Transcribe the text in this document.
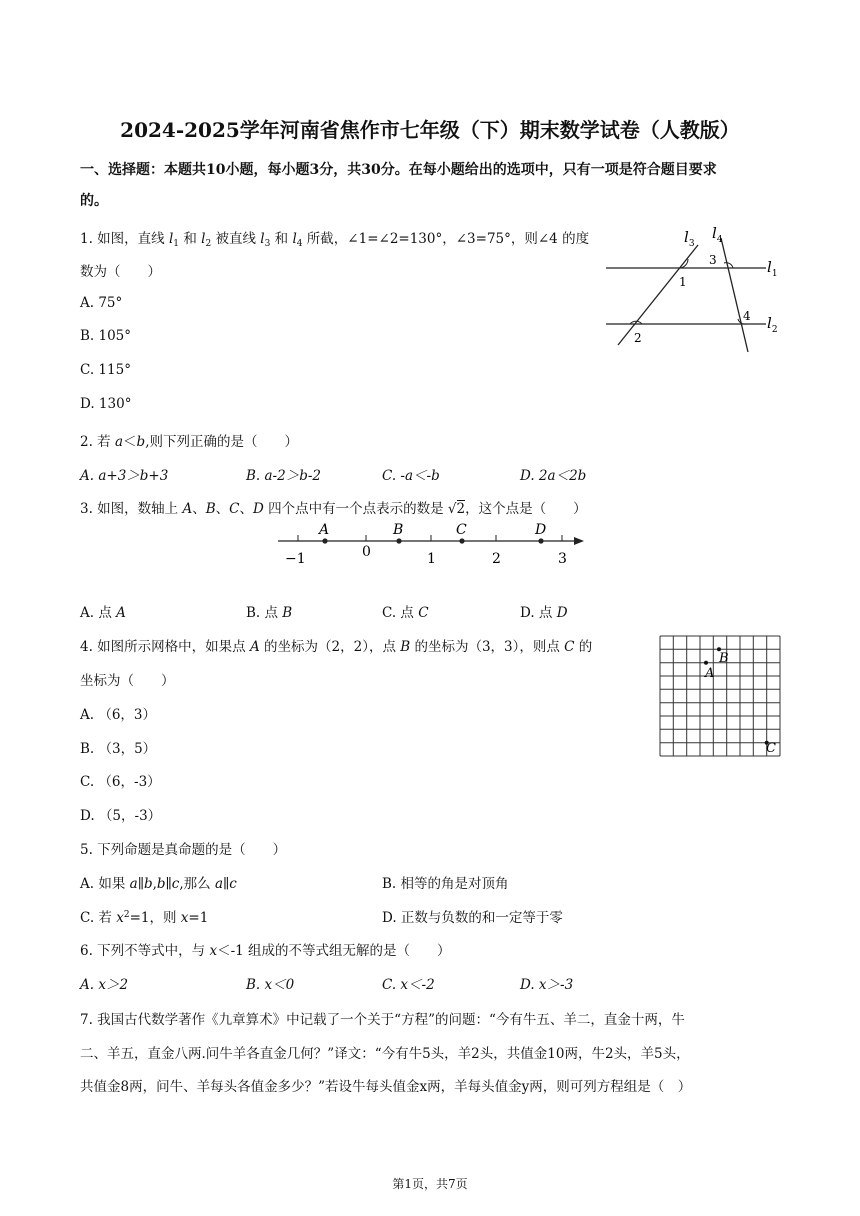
2024-2025学年河南省焦作市七年级（下）期末数学试卷（人教版）
一、选择题：本题共10小题，每小题3分，共30分。在每小题给出的选项中，只有一项是符合题目要求
的。
1. 如图，直线 $l_1$ 和 $l_2$ 被直线 $l_3$ 和 $l_4$ 所截，∠1=∠2=130°，∠3=75°，则∠4 的度
数为（　　）
A. 75°
B. 105°
C. 115°
D. 130°
$l_3$
$l_4$
$l_1$
$l_2$
1
2
3
4
2. 若 a＜b,则下列正确的是（　　）
A. a+3＞b+3	B. a-2＞b-2	C. -a＜-b	D. 2a＜2b
3. 如图，数轴上 A、B、C、D 四个点中有一个点表示的数是 √2，这个点是（　　）
−1	0	1	2	3
A	B	C	D
A. 点 A	B. 点 B	C. 点 C	D. 点 D
4. 如图所示网格中，如果点 A 的坐标为（2，2），点 B 的坐标为（3，3），则点 C 的
坐标为（　　）
A. （6，3）
B. （3，5）
C. （6，-3）
D. （5，-3）
A
B
C
5. 下列命题是真命题的是（　　）
A. 如果 a∥b,b∥c,那么 a∥c	B. 相等的角是对顶角
C. 若 $x^2=1$，则 x=1	D. 正数与负数的和一定等于零
6. 下列不等式中，与 x＜-1 组成的不等式组无解的是（　　）
A. x＞2	B. x＜0	C. x＜-2	D. x＞-3
7. 我国古代数学著作《九章算术》中记载了一个关于“方程”的问题：“今有牛五、羊二，直金十两，牛
二、羊五，直金八两.问牛羊各直金几何？”译文：“今有牛5头，羊2头，共值金10两，牛2头，羊5头，
共值金8两，问牛、羊每头各值金多少？”若设牛每头值金x两，羊每头值金y两，则可列方程组是（　）
第1页，共7页
